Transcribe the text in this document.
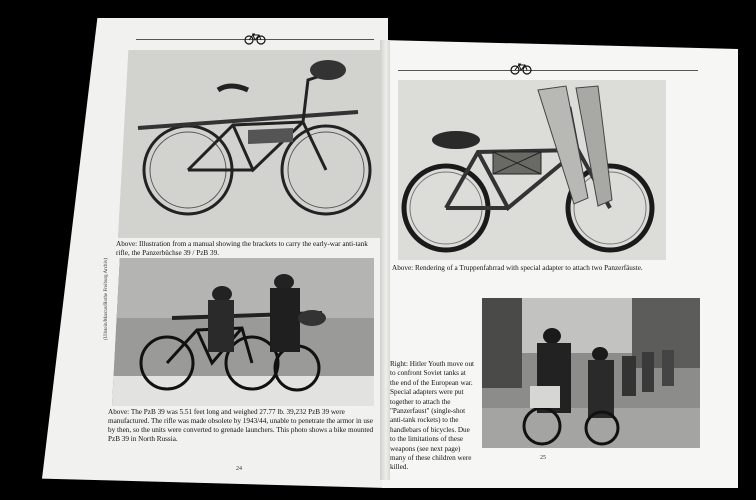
Above: Illustration from a manual showing the brackets to carry the early-war anti-tank rifle, the Panzerbüchse 39 / PzB 39.
(Ullstein/Marcus/Rothe Freiburg Archiv)
Above: The PzB 39 was 5.51 feet long and weighed 27.77 lb. 39,232 PzB 39 were manufactured. The rifle was made obsolete by 1943/44, unable to penetrate the armor in use by then, so the units were converted to grenade launchers. This photo shows a bike mounted PzB 39 in North Russia.
24
Above: Rendering of a Truppenfahrrad with special adapter to attach two Panzerfäuste.
Right: Hitler Youth move out to confront Soviet tanks at the end of the European war. Special adapters were put together to attach the "Panzerfaust" (single-shot anti-tank rockets) to the handlebars of bicycles. Due to the limitations of these weapons (see next page) many of these children were killed.
25
